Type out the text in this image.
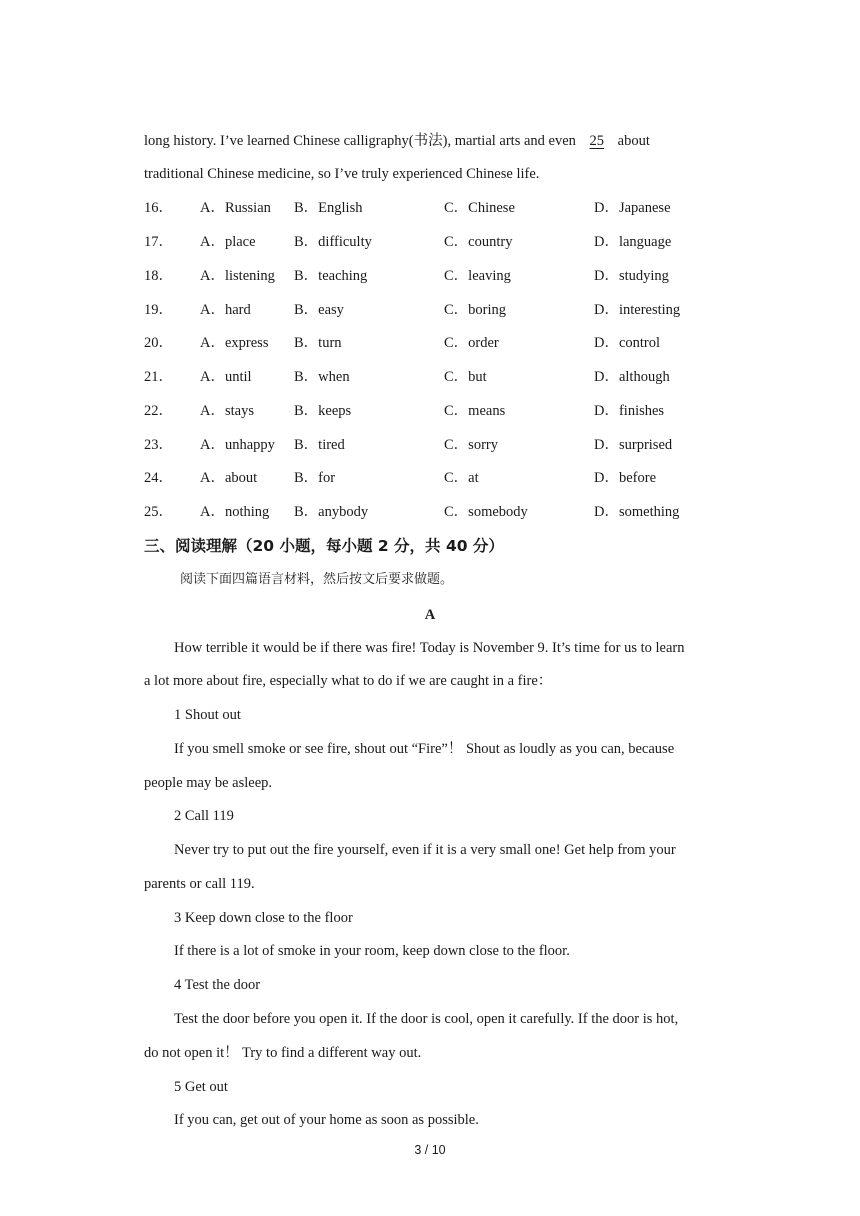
long history. I’ve learned Chinese calligraphy(书法), martial arts and even 25 about
traditional Chinese medicine, so I’ve truly experienced Chinese life.
16． A．Russian B．English	C．Chinese	D．Japanese
17． A．place	B．difficulty	C．country	D．language
18． A．listening B．teaching	C．leaving	D．studying
19． A．hard	B．easy	C．boring	D．interesting
20． A．express B．turn	C．order	D．control
21． A．until	B．when	C．but	D．although
22． A．stays	B．keeps	C．means	D．finishes
23． A．unhappy B．tired	C．sorry	D．surprised
24． A．about	B．for	C．at	D．before
25． A．nothing B．anybody	C．somebody	D．something
三、阅读理解（20 小题，每小题 2 分，共 40 分）
阅读下面四篇语言材料，然后按文后要求做题。
A
How terrible it would be if there was fire! Today is November 9. It’s time for us to learn
a lot more about fire, especially what to do if we are caught in a fire：
1 Shout out
If you smell smoke or see fire, shout out “Fire”！ Shout as loudly as you can, because
people may be asleep.
2 Call 119
Never try to put out the fire yourself, even if it is a very small one! Get help from your
parents or call 119.
3 Keep down close to the floor
If there is a lot of smoke in your room, keep down close to the floor.
4 Test the door
Test the door before you open it. If the door is cool, open it carefully. If the door is hot,
do not open it！ Try to find a different way out.
5 Get out
If you can, get out of your home as soon as possible.
3 / 10
